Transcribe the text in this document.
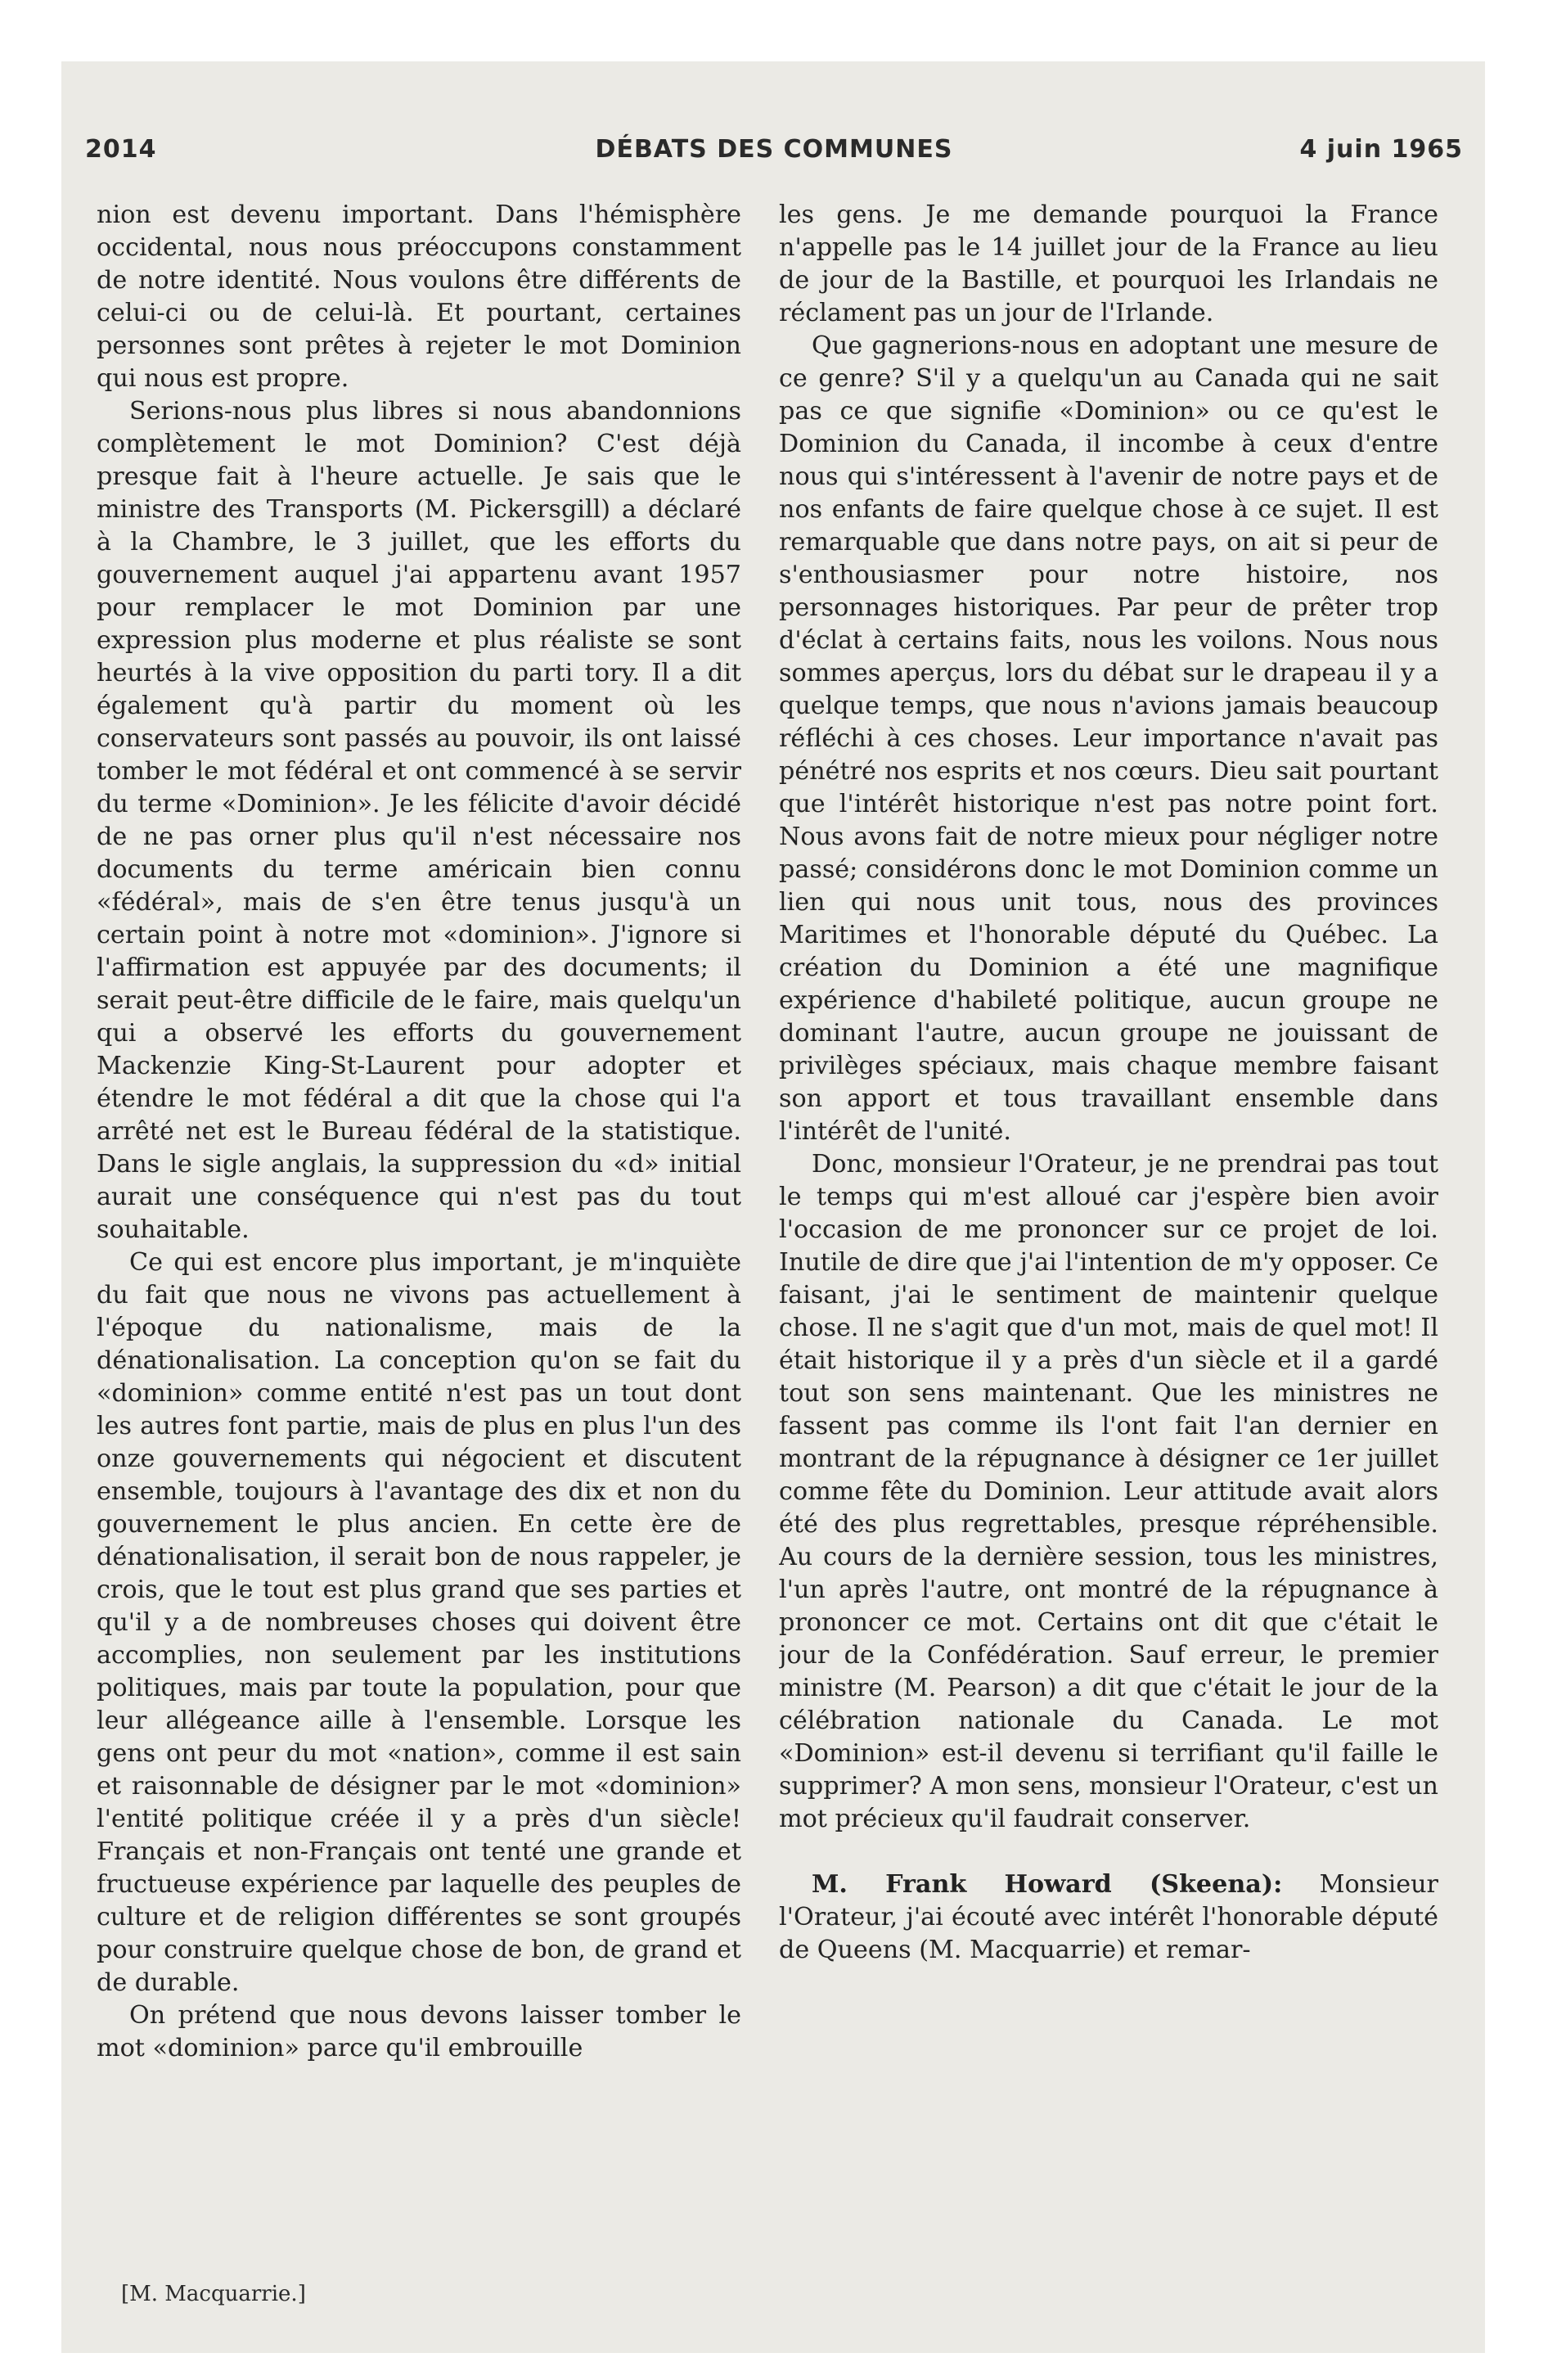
2014	DÉBATS DES COMMUNES	4 juin 1965

nion est devenu important. Dans l'hémisphère occidental, nous nous préoccupons constamment de notre identité. Nous voulons être différents de celui-ci ou de celui-là. Et pourtant, certaines personnes sont prêtes à rejeter le mot Dominion qui nous est propre.

Serions-nous plus libres si nous abandonnions complètement le mot Dominion? C'est déjà presque fait à l'heure actuelle. Je sais que le ministre des Transports (M. Pickersgill) a déclaré à la Chambre, le 3 juillet, que les efforts du gouvernement auquel j'ai appartenu avant 1957 pour remplacer le mot Dominion par une expression plus moderne et plus réaliste se sont heurtés à la vive opposition du parti tory. Il a dit également qu'à partir du moment où les conservateurs sont passés au pouvoir, ils ont laissé tomber le mot fédéral et ont commencé à se servir du terme «Dominion». Je les félicite d'avoir décidé de ne pas orner plus qu'il n'est nécessaire nos documents du terme américain bien connu «fédéral», mais de s'en être tenus jusqu'à un certain point à notre mot «dominion». J'ignore si l'affirmation est appuyée par des documents; il serait peut-être difficile de le faire, mais quelqu'un qui a observé les efforts du gouvernement Mackenzie King-St-Laurent pour adopter et étendre le mot fédéral a dit que la chose qui l'a arrêté net est le Bureau fédéral de la statistique. Dans le sigle anglais, la suppression du «d» initial aurait une conséquence qui n'est pas du tout souhaitable.

Ce qui est encore plus important, je m'inquiète du fait que nous ne vivons pas actuellement à l'époque du nationalisme, mais de la dénationalisation. La conception qu'on se fait du «dominion» comme entité n'est pas un tout dont les autres font partie, mais de plus en plus l'un des onze gouvernements qui négocient et discutent ensemble, toujours à l'avantage des dix et non du gouvernement le plus ancien. En cette ère de dénationalisation, il serait bon de nous rappeler, je crois, que le tout est plus grand que ses parties et qu'il y a de nombreuses choses qui doivent être accomplies, non seulement par les institutions politiques, mais par toute la population, pour que leur allégeance aille à l'ensemble. Lorsque les gens ont peur du mot «nation», comme il est sain et raisonnable de désigner par le mot «dominion» l'entité politique créée il y a près d'un siècle! Français et non-Français ont tenté une grande et fructueuse expérience par laquelle des peuples de culture et de religion différentes se sont groupés pour construire quelque chose de bon, de grand et de durable.

On prétend que nous devons laisser tomber le mot «dominion» parce qu'il embrouille

les gens. Je me demande pourquoi la France n'appelle pas le 14 juillet jour de la France au lieu de jour de la Bastille, et pourquoi les Irlandais ne réclament pas un jour de l'Irlande.

Que gagnerions-nous en adoptant une mesure de ce genre? S'il y a quelqu'un au Canada qui ne sait pas ce que signifie «Dominion» ou ce qu'est le Dominion du Canada, il incombe à ceux d'entre nous qui s'intéressent à l'avenir de notre pays et de nos enfants de faire quelque chose à ce sujet. Il est remarquable que dans notre pays, on ait si peur de s'enthousiasmer pour notre histoire, nos personnages historiques. Par peur de prêter trop d'éclat à certains faits, nous les voilons. Nous nous sommes aperçus, lors du débat sur le drapeau il y a quelque temps, que nous n'avions jamais beaucoup réfléchi à ces choses. Leur importance n'avait pas pénétré nos esprits et nos cœurs. Dieu sait pourtant que l'intérêt historique n'est pas notre point fort. Nous avons fait de notre mieux pour négliger notre passé; considérons donc le mot Dominion comme un lien qui nous unit tous, nous des provinces Maritimes et l'honorable député du Québec. La création du Dominion a été une magnifique expérience d'habileté politique, aucun groupe ne dominant l'autre, aucun groupe ne jouissant de privilèges spéciaux, mais chaque membre faisant son apport et tous travaillant ensemble dans l'intérêt de l'unité.

Donc, monsieur l'Orateur, je ne prendrai pas tout le temps qui m'est alloué car j'espère bien avoir l'occasion de me prononcer sur ce projet de loi. Inutile de dire que j'ai l'intention de m'y opposer. Ce faisant, j'ai le sentiment de maintenir quelque chose. Il ne s'agit que d'un mot, mais de quel mot! Il était historique il y a près d'un siècle et il a gardé tout son sens maintenant. Que les ministres ne fassent pas comme ils l'ont fait l'an dernier en montrant de la répugnance à désigner ce 1er juillet comme fête du Dominion. Leur attitude avait alors été des plus regrettables, presque répréhensible. Au cours de la dernière session, tous les ministres, l'un après l'autre, ont montré de la répugnance à prononcer ce mot. Certains ont dit que c'était le jour de la Confédération. Sauf erreur, le premier ministre (M. Pearson) a dit que c'était le jour de la célébration nationale du Canada. Le mot «Dominion» est-il devenu si terrifiant qu'il faille le supprimer? A mon sens, monsieur l'Orateur, c'est un mot précieux qu'il faudrait conserver.

M. Frank Howard (Skeena): Monsieur l'Orateur, j'ai écouté avec intérêt l'honorable député de Queens (M. Macquarrie) et remar-

[M. Macquarrie.]
